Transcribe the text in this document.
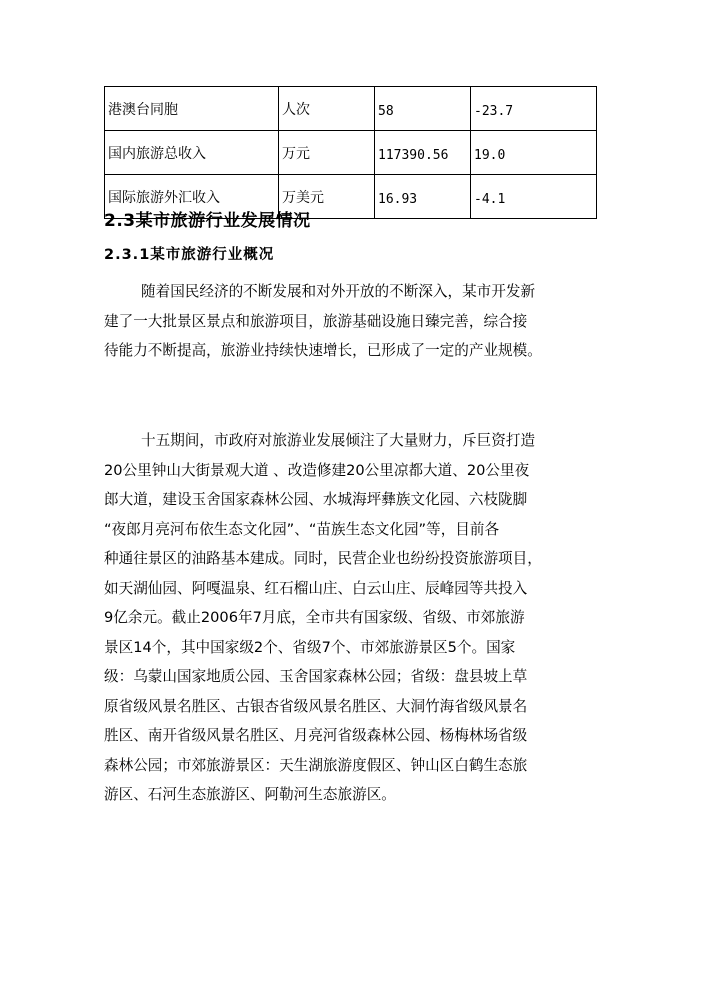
港澳台同胞	人次	58	-23.7
国内旅游总收入	万元	117390.56	19.0
国际旅游外汇收入	万美元	16.93	-4.1
2.3某市旅游行业发展情况
2.3.1某市旅游行业概况
随着国民经济的不断发展和对外开放的不断深入，某市开发新
建了一大批景区景点和旅游项目，旅游基础设施日臻完善，综合接
待能力不断提高，旅游业持续快速增长，已形成了一定的产业规模。
十五期间，市政府对旅游业发展倾注了大量财力，斥巨资打造
20公里钟山大街景观大道 、改造修建20公里凉都大道、20公里夜
郎大道，建设玉舍国家森林公园、水城海坪彝族文化园、六枝陇脚
“夜郎月亮河布依生态文化园”、“苗族生态文化园”等，目前各
种通往景区的油路基本建成。同时，民营企业也纷纷投资旅游项目，
如天湖仙园、阿嘎温泉、红石榴山庄、白云山庄、辰峰园等共投入
9亿余元。截止2006年7月底，全市共有国家级、省级、市郊旅游
景区14个，其中国家级2个、省级7个、市郊旅游景区5个。国家
级：乌蒙山国家地质公园、玉舍国家森林公园；省级：盘县坡上草
原省级风景名胜区、古银杏省级风景名胜区、大洞竹海省级风景名
胜区、南开省级风景名胜区、月亮河省级森林公园、杨梅林场省级
森林公园；市郊旅游景区：天生湖旅游度假区、钟山区白鹤生态旅
游区、石河生态旅游区、阿勒河生态旅游区。
